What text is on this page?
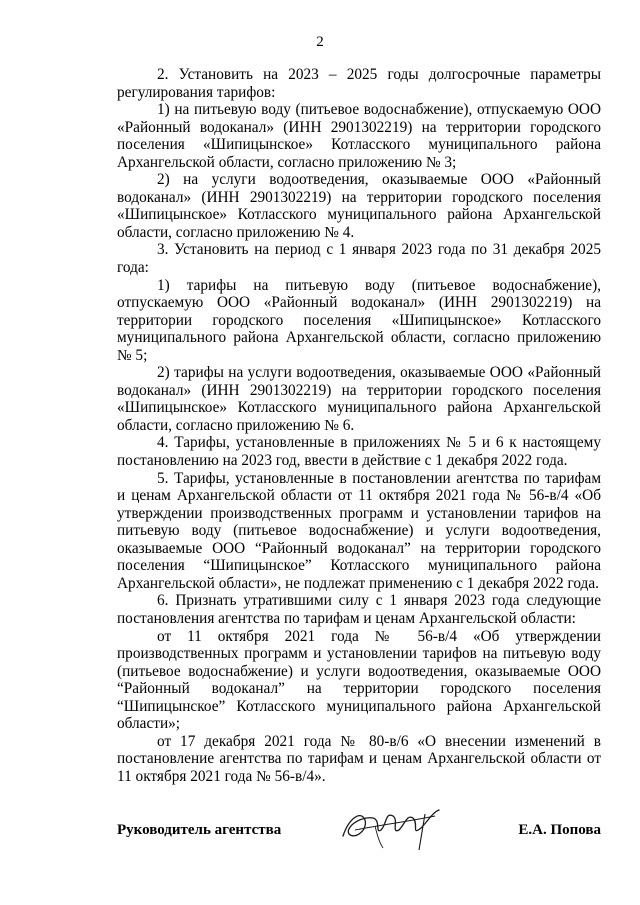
2

2. Установить на 2023 – 2025 годы долгосрочные параметры регулирования тарифов:

1) на питьевую воду (питьевое водоснабжение), отпускаемую ООО «Районный водоканал» (ИНН 2901302219) на территории городского поселения «Шипицынское» Котласского муниципального района Архангельской области, согласно приложению № 3;

2) на услуги водоотведения, оказываемые ООО «Районный водоканал» (ИНН 2901302219) на территории городского поселения «Шипицынское» Котласского муниципального района Архангельской области, согласно приложению № 4.

3. Установить на период с 1 января 2023 года по 31 декабря 2025 года:

1) тарифы на питьевую воду (питьевое водоснабжение), отпускаемую ООО «Районный водоканал» (ИНН 2901302219) на территории городского поселения «Шипицынское» Котласского муниципального района Архангельской области, согласно приложению № 5;

2) тарифы на услуги водоотведения, оказываемые ООО «Районный водоканал» (ИНН 2901302219) на территории городского поселения «Шипицынское» Котласского муниципального района Архангельской области, согласно приложению № 6.

4. Тарифы, установленные в приложениях № 5 и 6 к настоящему постановлению на 2023 год, ввести в действие с 1 декабря 2022 года.

5. Тарифы, установленные в постановлении агентства по тарифам и ценам Архангельской области от 11 октября 2021 года № 56-в/4 «Об утверждении производственных программ и установлении тарифов на питьевую воду (питьевое водоснабжение) и услуги водоотведения, оказываемые ООО “Районный водоканал” на территории городского поселения “Шипицынское” Котласского муниципального района Архангельской области», не подлежат применению с 1 декабря 2022 года.

6. Признать утратившими силу с 1 января 2023 года следующие постановления агентства по тарифам и ценам Архангельской области:

от 11 октября 2021 года № 56-в/4 «Об утверждении производственных программ и установлении тарифов на питьевую воду (питьевое водоснабжение) и услуги водоотведения, оказываемые ООО “Районный водоканал” на территории городского поселения “Шипицынское” Котласского муниципального района Архангельской области»;

от 17 декабря 2021 года № 80-в/6 «О внесении изменений в постановление агентства по тарифам и ценам Архангельской области от 11 октября 2021 года № 56-в/4».

Руководитель агентства	Е.А. Попова
